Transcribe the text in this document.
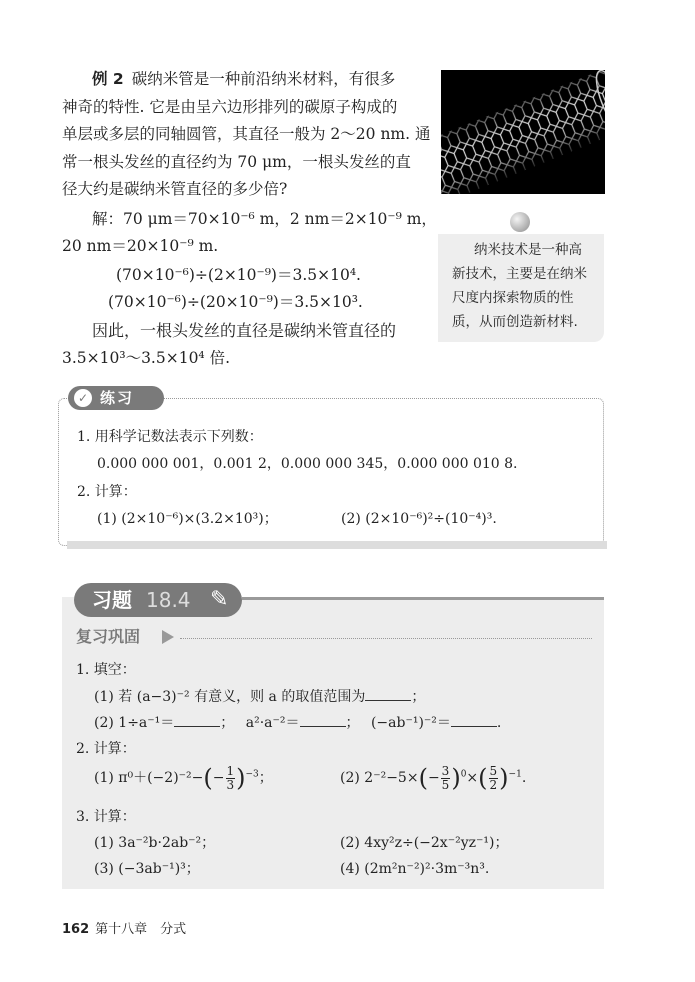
例 2 碳纳米管是一种前沿纳米材料，有很多
神奇的特性. 它是由呈六边形排列的碳原子构成的
单层或多层的同轴圆管，其直径一般为 2～20 nm. 通
常一根头发丝的直径约为 70 μm，一根头发丝的直
径大约是碳纳米管直径的多少倍?
解：70 μm＝70×10⁻⁶ m，2 nm＝2×10⁻⁹ m，
20 nm＝20×10⁻⁹ m.
(70×10⁻⁶)÷(2×10⁻⁹)＝3.5×10⁴.
(70×10⁻⁶)÷(20×10⁻⁹)＝3.5×10³.
因此，一根头发丝的直径是碳纳米管直径的
3.5×10³～3.5×10⁴ 倍.
纳米技术是一种高
新技术，主要是在纳米
尺度内探索物质的性
质，从而创造新材料.
1. 用科学记数法表示下列数：
0.000 000 001，0.001 2，0.000 000 345，0.000 000 010 8.
2. 计算：
(1) (2×10⁻⁶)×(3.2×10³)；	(2) (2×10⁻⁶)²÷(10⁻⁴)³.
✓ 练习
习题 18.4 ✎
复习巩固
1. 填空：
(1) 若 (a−3)⁻² 有意义，则 a 的取值范围为	；
(2) 1÷a⁻¹＝	；　 a²·a⁻²＝	；　 (−ab⁻¹)⁻²＝	.
2. 计算：
(1) $\pi^0+(-2)^{-2}-(- \frac{1}{3} )^{-3}$；	(2) $2^{-2}-5\times(- \frac{3}{5} )^0\times( \frac{5}{2} )^{-1}$.
3. 计算：
(1) 3a⁻²b·2ab⁻²；	(2) 4xy²z÷(−2x⁻²yz⁻¹)；
(3) (−3ab⁻¹)³；	(4) (2m²n⁻²)²·3m⁻³n³.
162 第十八章　分式
